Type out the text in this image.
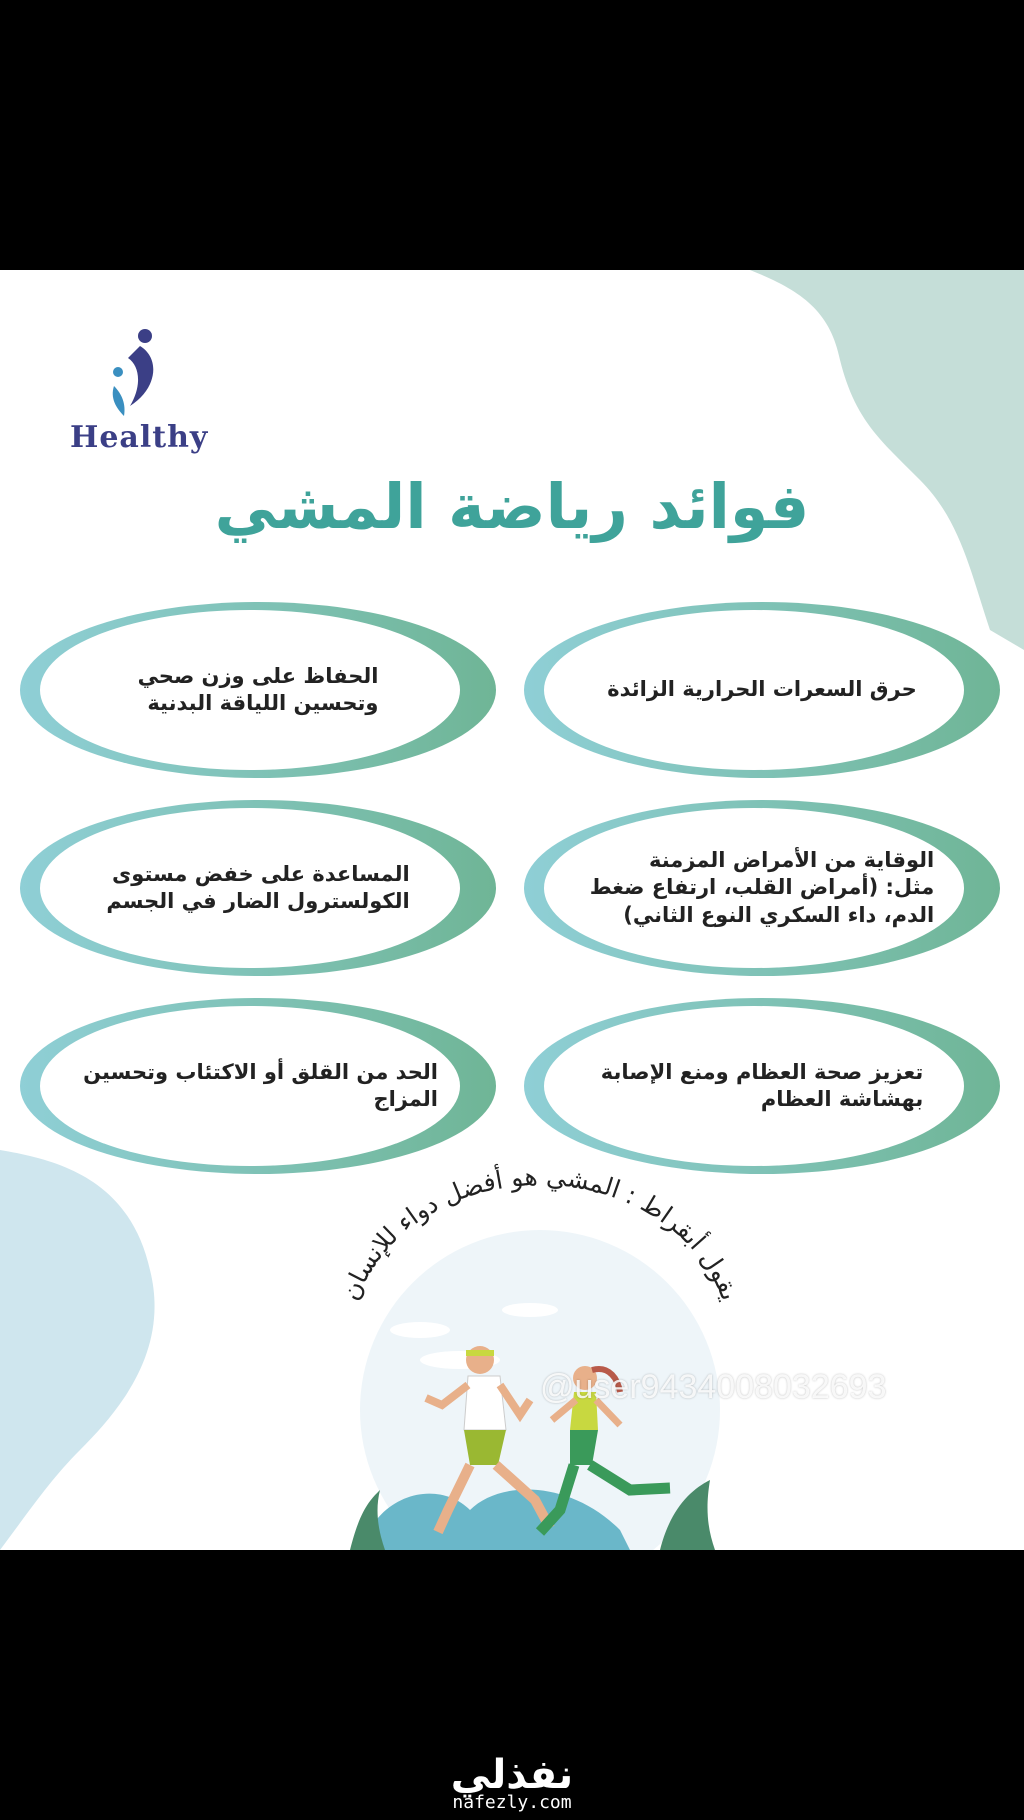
Healthy
فوائد رياضة المشي
حرق السعرات الحرارية الزائدة
الوقاية من الأمراض المزمنة
مثل: (أمراض القلب، ارتفاع ضغط
الدم، داء السكري النوع الثاني)
تعزيز صحة العظام ومنع الإصابة
بهشاشة العظام
الحفاظ على وزن صحي
وتحسين اللياقة البدنية
المساعدة على خفض مستوى
الكولسترول الضار في الجسم
الحد من القلق أو الاكتئاب وتحسين المزاج
يقول أبقراط : المشي هو أفضل دواء للإنسان
@user9434008032693
نفذلي
nafezly.com
